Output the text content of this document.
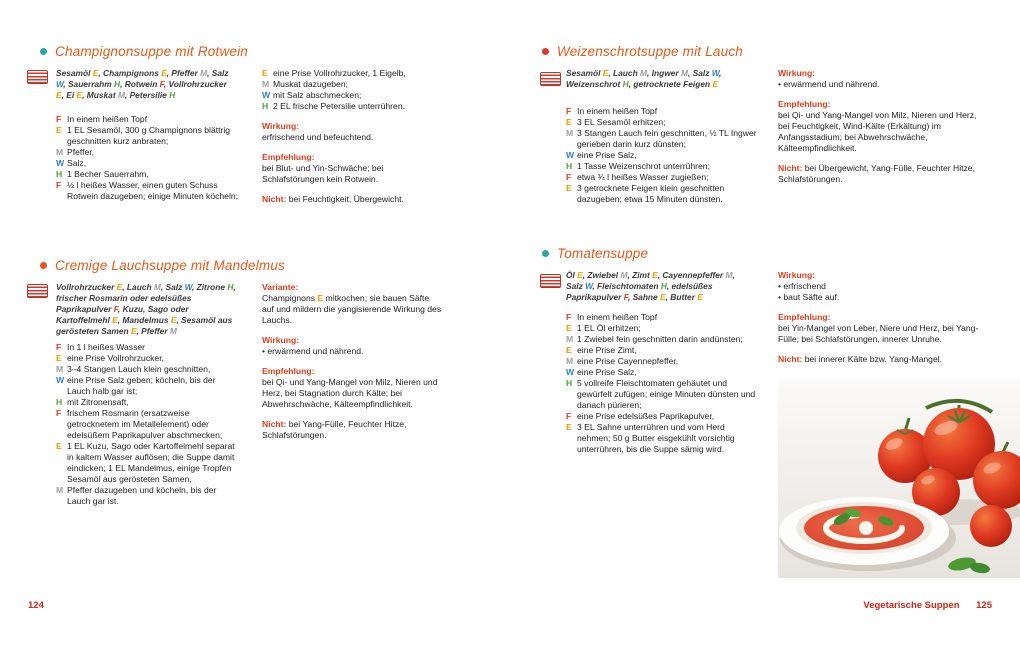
Champignonsuppe mit Rotwein

Sesamöl E, Champignons E, Pfeffer M, Salz W, Sauerrahm H, Rotwein F, Vollrohrzucker E, Ei E, Muskat M, Petersilie H

F In einem heißen Topf
E 1 EL Sesamöl, 300 g Champignons blättrig geschnitten kurz anbraten;
M Pfeffer,
W Salz,
H 1 Becher Sauerrahm,
F ½ l heißes Wasser, einen guten Schuss Rotwein dazugeben; einige Minuten köcheln;
E eine Prise Vollrohrzucker, 1 Eigelb,
M Muskat dazugeben;
W mit Salz abschmecken;
H 2 EL frische Petersilie unterrühren.

Wirkung:
erfrischend und befeuchtend.

Empfehlung:
bei Blut- und Yin-Schwäche; bei Schlafstörungen kein Rotwein.

Nicht: bei Feuchtigkeit, Übergewicht.

Cremige Lauchsuppe mit Mandelmus

Vollrohrzucker E, Lauch M, Salz W, Zitrone H, frischer Rosmarin oder edelsüßes Paprikapulver F, Kuzu, Sago oder Kartoffelmehl E, Mandelmus E, Sesamöl aus gerösteten Samen E, Pfeffer M

F In 1 l heißes Wasser
E eine Prise Vollrohrzucker,
M 3–4 Stangen Lauch klein geschnitten,
W eine Prise Salz geben; köcheln, bis der Lauch halb gar ist;
H mit Zitronensaft,
F frischem Rosmarin (ersatzweise getrocknetem im Metallelement) oder edelsüßem Paprikapulver abschmecken;
E 1 EL Kuzu, Sago oder Kartoffelmehl separat in kaltem Wasser auflösen; die Suppe damit eindicken; 1 EL Mandelmus, einige Tropfen Sesamöl aus gerösteten Samen,
M Pfeffer dazugeben und köcheln, bis der Lauch gar ist.

Variante:
Champignons E mitkochen; sie bauen Säfte auf und mildern die yangisierende Wirkung des Lauchs.

Wirkung:
• erwärmend und nährend.

Empfehlung:
bei Qi- und Yang-Mangel von Milz, Nieren und Herz, bei Stagnation durch Kälte; bei Abwehrschwäche, Kälteempfindlichkeit.

Nicht: bei Yang-Fülle, Feuchter Hitze, Schlafstörungen.

Weizenschrotsuppe mit Lauch

Sesamöl E, Lauch M, Ingwer M, Salz W, Weizenschrot H, getrocknete Feigen E

F In einem heißen Topf
E 3 EL Sesamöl erhitzen;
M 3 Stangen Lauch fein geschnitten, ½ TL Ingwer gerieben darin kurz dünsten;
W eine Prise Salz,
H 1 Tasse Weizenschrot unterrühren;
F etwa ¾ l heißes Wasser zugießen;
E 3 getrocknete Feigen klein geschnitten dazugeben; etwa 15 Minuten dünsten.

Wirkung:
• erwärmend und nährend.

Empfehlung:
bei Qi- und Yang-Mangel von Milz, Nieren und Herz, bei Feuchtigkeit, Wind-Kälte (Erkältung) im Anfangsstadium; bei Abwehrschwäche, Kälteempfindlichkeit.

Nicht: bei Übergewicht, Yang-Fülle, Feuchter Hitze, Schlafstörungen.

Tomatensuppe

Öl E, Zwiebel M, Zimt E, Cayennepfeffer M, Salz W, Fleischtomaten H, edelsüßes Paprikapulver F, Sahne E, Butter E

F In einem heißen Topf
E 1 EL Öl erhitzen;
M 1 Zwiebel fein geschnitten darin andünsten;
E eine Prise Zimt,
M eine Prise Cayennepfeffer,
W eine Prise Salz,
H 5 vollreife Fleischtomaten gehäutet und gewürfelt zufügen; einige Minuten dünsten und danach pürieren;
F eine Prise edelsüßes Paprikapulver,
E 3 EL Sahne unterrühren und vom Herd nehmen; 50 g Butter eisgekühlt vorsichtig unterrühren, bis die Suppe sämig wird.

Wirkung:
• erfrischend
• baut Säfte auf.

Empfehlung:
bei Yin-Mangel von Leber, Niere und Herz, bei Yang-Fülle; bei Schlafstörungen, innerer Unruhe.

Nicht: bei innerer Kälte bzw. Yang-Mangel.

124	Vegetarische Suppen 125
